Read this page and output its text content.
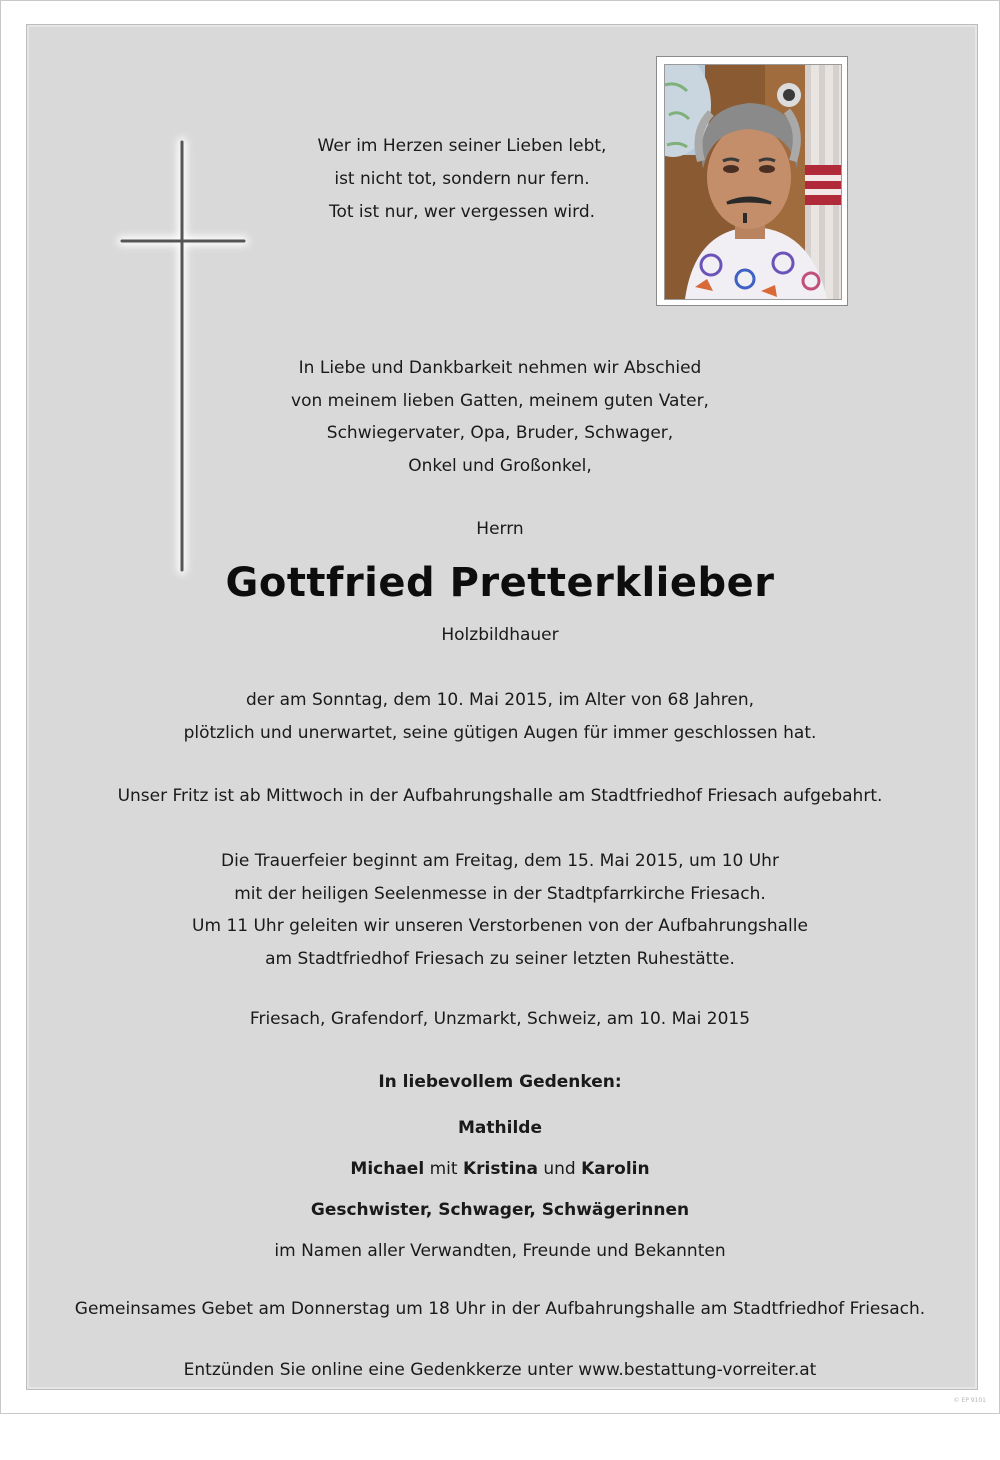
Wer im Herzen seiner Lieben lebt,
ist nicht tot, sondern nur fern.
Tot ist nur, wer vergessen wird.
In Liebe und Dankbarkeit nehmen wir Abschied
von meinem lieben Gatten, meinem guten Vater,
Schwiegervater, Opa, Bruder, Schwager,
Onkel und Großonkel,
Herrn
Gottfried Pretterklieber
Holzbildhauer
der am Sonntag, dem 10. Mai 2015, im Alter von 68 Jahren,
plötzlich und unerwartet, seine gütigen Augen für immer geschlossen hat.
Unser Fritz ist ab Mittwoch in der Aufbahrungshalle am Stadtfriedhof Friesach aufgebahrt.
Die Trauerfeier beginnt am Freitag, dem 15. Mai 2015, um 10 Uhr
mit der heiligen Seelenmesse in der Stadtpfarrkirche Friesach.
Um 11 Uhr geleiten wir unseren Verstorbenen von der Aufbahrungshalle
am Stadtfriedhof Friesach zu seiner letzten Ruhestätte.
Friesach, Grafendorf, Unzmarkt, Schweiz, am 10. Mai 2015
In liebevollem Gedenken:
Mathilde
Michael mit Kristina und Karolin
Geschwister, Schwager, Schwägerinnen
im Namen aller Verwandten, Freunde und Bekannten
Gemeinsames Gebet am Donnerstag um 18 Uhr in der Aufbahrungshalle am Stadtfriedhof Friesach.
Entzünden Sie online eine Gedenkkerze unter www.bestattung-vorreiter.at
© EP 9101
